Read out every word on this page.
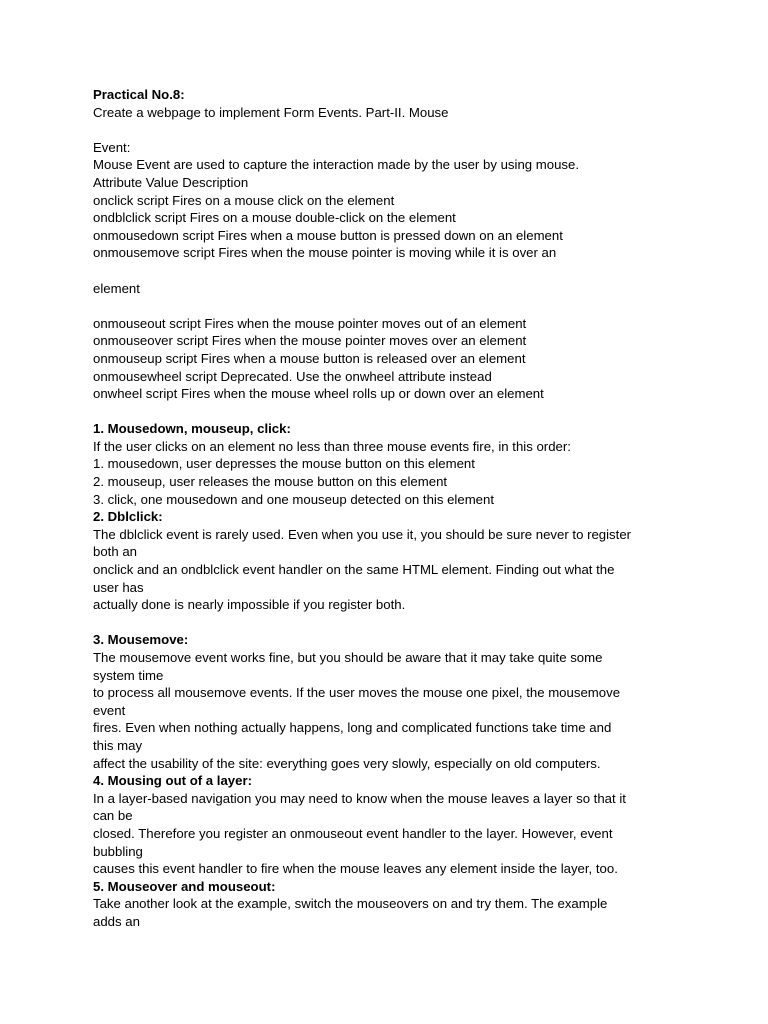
Practical No.8:
Create a webpage to implement Form Events. Part-II. Mouse
Event:
Mouse Event are used to capture the interaction made by the user by using mouse.
Attribute Value Description
onclick script Fires on a mouse click on the element
ondblclick script Fires on a mouse double-click on the element
onmousedown script Fires when a mouse button is pressed down on an element
onmousemove script Fires when the mouse pointer is moving while it is over an
element
onmouseout script Fires when the mouse pointer moves out of an element
onmouseover script Fires when the mouse pointer moves over an element
onmouseup script Fires when a mouse button is released over an element
onmousewheel script Deprecated. Use the onwheel attribute instead
onwheel script Fires when the mouse wheel rolls up or down over an element
1. Mousedown, mouseup, click:
If the user clicks on an element no less than three mouse events fire, in this order:
1. mousedown, user depresses the mouse button on this element
2. mouseup, user releases the mouse button on this element
3. click, one mousedown and one mouseup detected on this element
2. Dblclick:
The dblclick event is rarely used. Even when you use it, you should be sure never to register
both an
onclick and an ondblclick event handler on the same HTML element. Finding out what the
user has
actually done is nearly impossible if you register both.
3. Mousemove:
The mousemove event works fine, but you should be aware that it may take quite some
system time
to process all mousemove events. If the user moves the mouse one pixel, the mousemove
event
fires. Even when nothing actually happens, long and complicated functions take time and
this may
affect the usability of the site: everything goes very slowly, especially on old computers.
4. Mousing out of a layer:
In a layer-based navigation you may need to know when the mouse leaves a layer so that it
can be
closed. Therefore you register an onmouseout event handler to the layer. However, event
bubbling
causes this event handler to fire when the mouse leaves any element inside the layer, too.
5. Mouseover and mouseout:
Take another look at the example, switch the mouseovers on and try them. The example
adds an
